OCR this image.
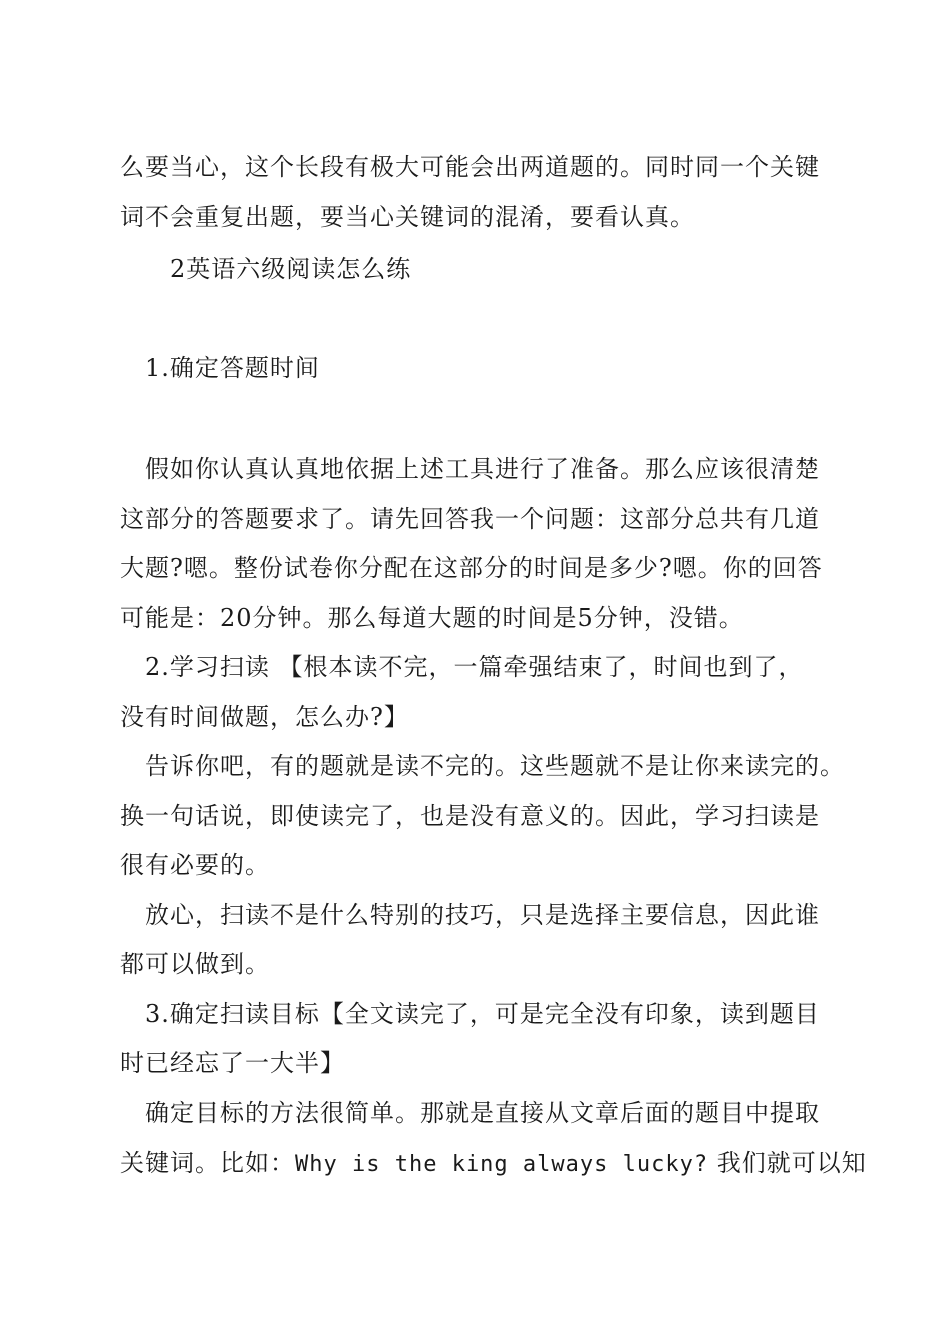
么要当心，这个长段有极大可能会出两道题的。同时同一个关键
词不会重复出题，要当心关键词的混淆，要看认真。
2英语六级阅读怎么练
1.确定答题时间
假如你认真认真地依据上述工具进行了准备。那么应该很清楚
这部分的答题要求了。请先回答我一个问题：这部分总共有几道
大题?嗯。整份试卷你分配在这部分的时间是多少?嗯。你的回答
可能是：20分钟。那么每道大题的时间是5分钟，没错。
2.学习扫读 【根本读不完，一篇牵强结束了，时间也到了，
没有时间做题，怎么办?】
告诉你吧，有的题就是读不完的。这些题就不是让你来读完的。
换一句话说，即使读完了，也是没有意义的。因此，学习扫读是
很有必要的。
放心，扫读不是什么特别的技巧，只是选择主要信息，因此谁
都可以做到。
3.确定扫读目标【全文读完了，可是完全没有印象，读到题目
时已经忘了一大半】
确定目标的方法很简单。那就是直接从文章后面的题目中提取
关键词。比如：Why is the king always lucky? 我们就可以知
